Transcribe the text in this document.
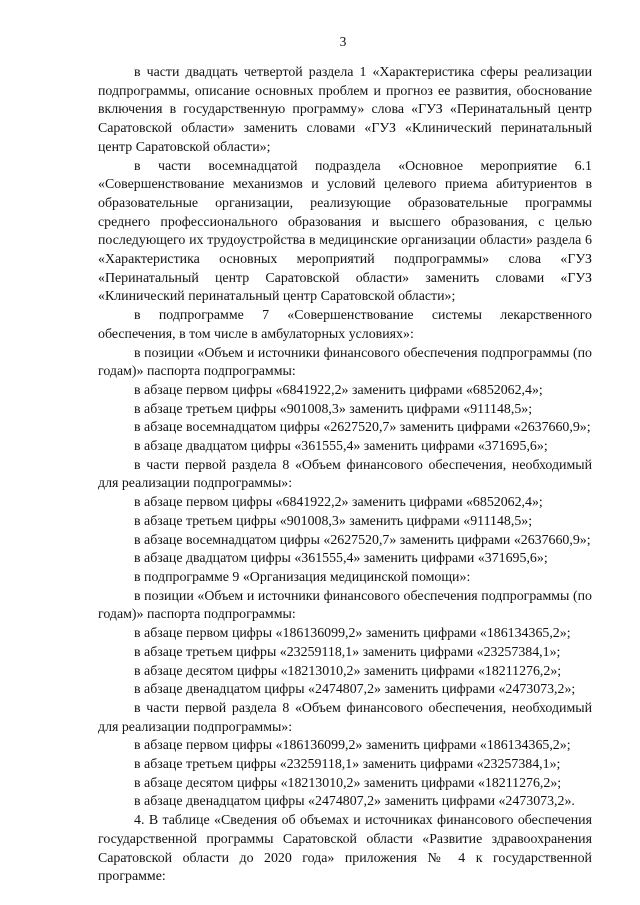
3

в части двадцать четвертой раздела 1 «Характеристика сферы реализации подпрограммы, описание основных проблем и прогноз ее развития, обоснование включения в государственную программу» слова «ГУЗ «Перинатальный центр Саратовской области» заменить словами «ГУЗ «Клинический перинатальный центр Саратовской области»;

в части восемнадцатой подраздела «Основное мероприятие 6.1 «Совершенствование механизмов и условий целевого приема абитуриентов в образовательные организации, реализующие образовательные программы среднего профессионального образования и высшего образования, с целью последующего их трудоустройства в медицинские организации области» раздела 6 «Характеристика основных мероприятий подпрограммы» слова «ГУЗ «Перинатальный центр Саратовской области» заменить словами «ГУЗ «Клинический перинатальный центр Саратовской области»;

в подпрограмме 7 «Совершенствование системы лекарственного обеспечения, в том числе в амбулаторных условиях»:

в позиции «Объем и источники финансового обеспечения подпрограммы (по годам)» паспорта подпрограммы:

в абзаце первом цифры «6841922,2» заменить цифрами «6852062,4»;

в абзаце третьем цифры «901008,3» заменить цифрами «911148,5»;

в абзаце восемнадцатом цифры «2627520,7» заменить цифрами «2637660,9»;

в абзаце двадцатом цифры «361555,4» заменить цифрами «371695,6»;

в части первой раздела 8 «Объем финансового обеспечения, необходимый для реализации подпрограммы»:

в абзаце первом цифры «6841922,2» заменить цифрами «6852062,4»;

в абзаце третьем цифры «901008,3» заменить цифрами «911148,5»;

в абзаце восемнадцатом цифры «2627520,7» заменить цифрами «2637660,9»;

в абзаце двадцатом цифры «361555,4» заменить цифрами «371695,6»;

в подпрограмме 9 «Организация медицинской помощи»:

в позиции «Объем и источники финансового обеспечения подпрограммы (по годам)» паспорта подпрограммы:

в абзаце первом цифры «186136099,2» заменить цифрами «186134365,2»;

в абзаце третьем цифры «23259118,1» заменить цифрами «23257384,1»;

в абзаце десятом цифры «18213010,2» заменить цифрами «18211276,2»;

в абзаце двенадцатом цифры «2474807,2» заменить цифрами «2473073,2»;

в части первой раздела 8 «Объем финансового обеспечения, необходимый для реализации подпрограммы»:

в абзаце первом цифры «186136099,2» заменить цифрами «186134365,2»;

в абзаце третьем цифры «23259118,1» заменить цифрами «23257384,1»;

в абзаце десятом цифры «18213010,2» заменить цифрами «18211276,2»;

в абзаце двенадцатом цифры «2474807,2» заменить цифрами «2473073,2».

4. В таблице «Сведения об объемах и источниках финансового обеспечения государственной программы Саратовской области «Развитие здравоохранения Саратовской области до 2020 года» приложения № 4 к государственной программе:
